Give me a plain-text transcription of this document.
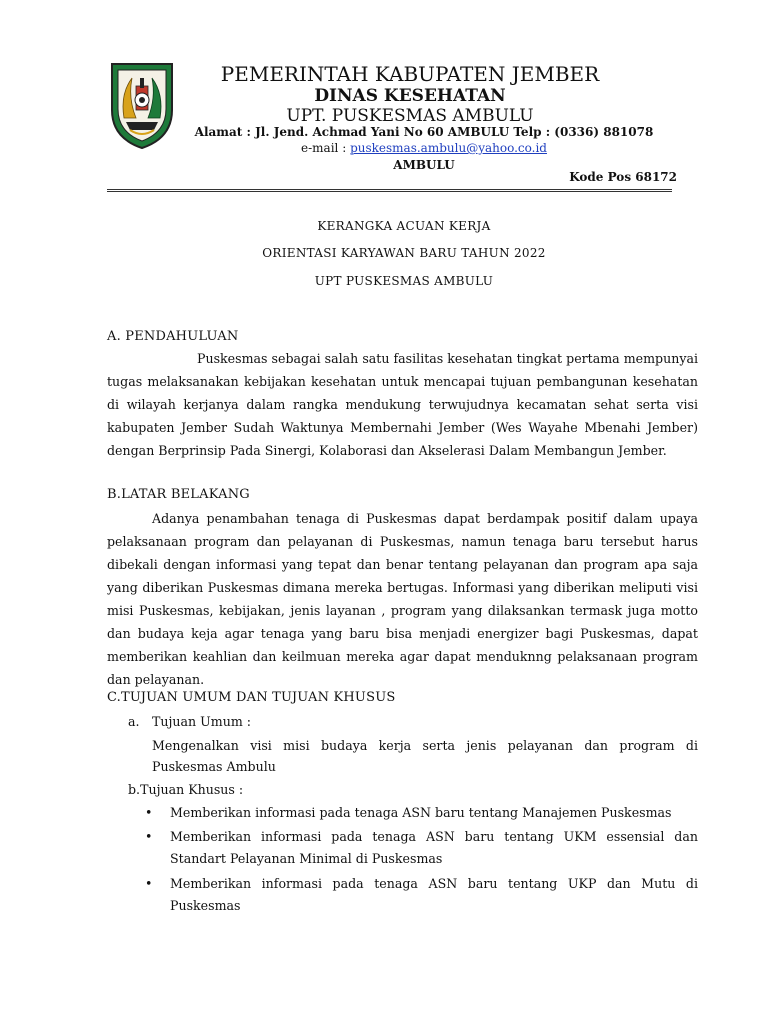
PEMERINTAH KABUPATEN JEMBER
DINAS KESEHATAN
UPT. PUSKESMAS AMBULU
Alamat : Jl. Jend. Achmad Yani No 60 AMBULU Telp : (0336) 881078
e-mail : puskesmas.ambulu@yahoo.co.id
AMBULU
Kode Pos 68172
KERANGKA ACUAN KERJA
ORIENTASI KARYAWAN BARU TAHUN 2022
UPT PUSKESMAS AMBULU
A. PENDAHULUAN
Puskesmas sebagai salah satu fasilitas kesehatan tingkat pertama mempunyai tugas melaksanakan kebijakan kesehatan untuk mencapai tujuan pembangunan kesehatan di wilayah kerjanya dalam rangka mendukung terwujudnya kecamatan sehat serta visi kabupaten Jember Sudah Waktunya Membernahi Jember (Wes Wayahe Mbenahi Jember) dengan Berprinsip Pada Sinergi, Kolaborasi dan Akselerasi Dalam Membangun Jember.
B.LATAR BELAKANG
Adanya penambahan tenaga di Puskesmas dapat berdampak positif dalam upaya pelaksanaan program dan pelayanan di Puskesmas, namun tenaga baru tersebut harus dibekali dengan informasi yang tepat dan benar tentang pelayanan dan program apa saja yang diberikan Puskesmas dimana mereka bertugas. Informasi yang diberikan meliputi visi misi Puskesmas, kebijakan, jenis layanan , program yang dilaksankan termask juga motto dan budaya keja agar tenaga yang baru bisa menjadi energizer bagi Puskesmas, dapat memberikan keahlian dan keilmuan mereka agar dapat menduknng pelaksanaan program dan pelayanan.
C.TUJUAN UMUM DAN TUJUAN KHUSUS
a. Tujuan Umum :
Mengenalkan visi misi budaya kerja serta jenis pelayanan dan program di Puskesmas Ambulu
b.Tujuan Khusus :
•	Memberikan informasi pada tenaga ASN baru tentang Manajemen Puskesmas
•	Memberikan informasi pada tenaga ASN baru tentang UKM essensial dan Standart Pelayanan Minimal di Puskesmas
•	Memberikan informasi pada tenaga ASN baru tentang UKP dan Mutu di Puskesmas
